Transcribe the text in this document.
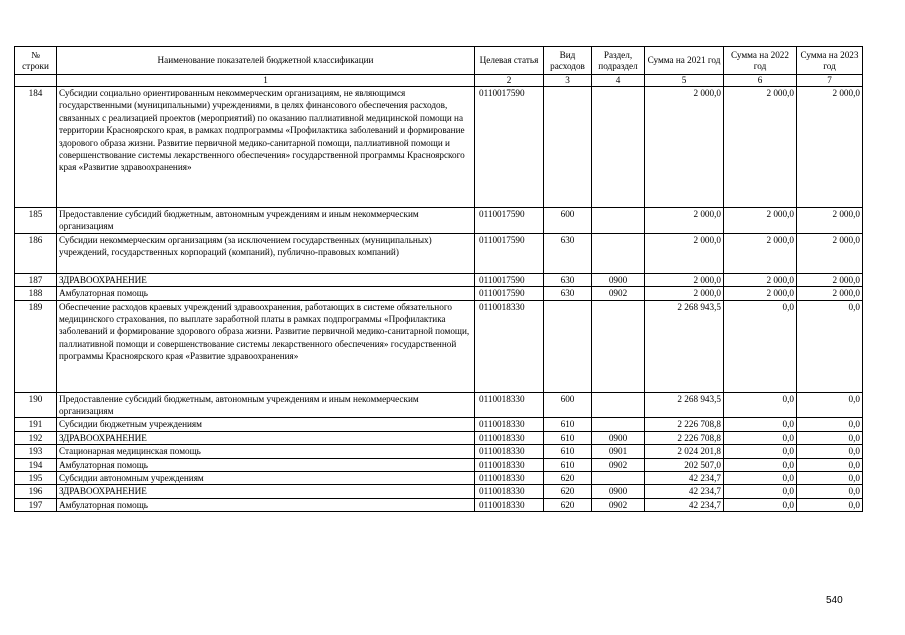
№ строки	Наименование показателей бюджетной классификации	Целевая статья	Вид расходов	Раздел, подраздел	Сумма на 2021 год	Сумма на 2022 год	Сумма на 2023 год
	1	2	3	4	5	6	7
184	Субсидии социально ориентированным некоммерческим организациям, не являющимся государственными (муниципальными) учреждениями, в целях финансового обеспечения расходов, связанных с реализацией проектов (мероприятий) по оказанию паллиативной медицинской помощи на территории Красноярского края, в рамках подпрограммы «Профилактика заболеваний и формирование здорового образа жизни. Развитие первичной медико-санитарной помощи, паллиативной помощи и совершенствование системы лекарственного обеспечения» государственной программы Красноярского края «Развитие здравоохранения»	0110017590			2 000,0	2 000,0	2 000,0
185	Предоставление субсидий бюджетным, автономным учреждениям и иным некоммерческим организациям	0110017590	600		2 000,0	2 000,0	2 000,0
186	Субсидии некоммерческим организациям (за исключением государственных (муниципальных) учреждений, государственных корпораций (компаний), публично-правовых компаний)	0110017590	630		2 000,0	2 000,0	2 000,0
187	ЗДРАВООХРАНЕНИЕ	0110017590	630	0900	2 000,0	2 000,0	2 000,0
188	Амбулаторная помощь	0110017590	630	0902	2 000,0	2 000,0	2 000,0
189	Обеспечение расходов краевых учреждений здравоохранения, работающих в системе обязательного медицинского страхования, по выплате заработной платы в рамках подпрограммы «Профилактика заболеваний и формирование здорового образа жизни. Развитие первичной медико-санитарной помощи, паллиативной помощи и совершенствование системы лекарственного обеспечения» государственной программы Красноярского края «Развитие здравоохранения»	0110018330			2 268 943,5	0,0	0,0
190	Предоставление субсидий бюджетным, автономным учреждениям и иным некоммерческим организациям	0110018330	600		2 268 943,5	0,0	0,0
191	Субсидии бюджетным учреждениям	0110018330	610		2 226 708,8	0,0	0,0
192	ЗДРАВООХРАНЕНИЕ	0110018330	610	0900	2 226 708,8	0,0	0,0
193	Стационарная медицинская помощь	0110018330	610	0901	2 024 201,8	0,0	0,0
194	Амбулаторная помощь	0110018330	610	0902	202 507,0	0,0	0,0
195	Субсидии автономным учреждениям	0110018330	620		42 234,7	0,0	0,0
196	ЗДРАВООХРАНЕНИЕ	0110018330	620	0900	42 234,7	0,0	0,0
197	Амбулаторная помощь	0110018330	620	0902	42 234,7	0,0	0,0
540
